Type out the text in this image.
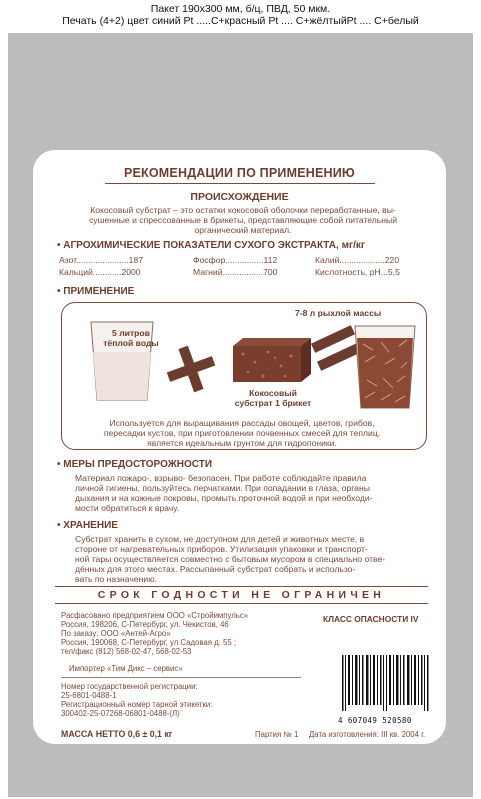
Пакет 190x300 мм, б/ц, ПВД, 50 мкм.
Печать (4+2) цвет синий Pt .....С+красный Pt .... С+жёлтыйPt .... С+белый
РЕКОМЕНДАЦИИ ПО ПРИМЕНЕНИЮ
ПРОИСХОЖДЕНИЕ
Кокосовый субстрат – это остатки кокосовой оболочки переработанные, вы-
сушенные и спрессованные в брикеты, представляющие собой питательный
органический материал.
• АГРОХИМИЧЕСКИЕ ПОКАЗАТЕЛИ СУХОГО ЭКСТРАКТА, мг/кг
Азот......................187	Фосфор................112	Калий...................220
Кальций............2000	Магний.................700	Кислотность, рН...5,5
• ПРИМЕНЕНИЕ
5 литров
тёплой воды
Кокосовый
субстрат 1 брикет
7-8 л рыхлой массы
Используется для выращивания рассады овощей, цветов, грибов,
пересадки кустов, при приготовлении почвенных смесей для теплиц,
является идеальным грунтом для гидропоники.
• МЕРЫ ПРЕДОСТОРОЖНОСТИ
Материал пожаро-, взрыво- безопасен. При работе соблюдайте правила
личной гигиены, пользуйтесь перчатками. При попадании в глаза, органы
дыхания и на кожные покровы, промыть проточной водой и при необходи-
мости обратиться к врачу.
• ХРАНЕНИЕ
Субстрат хранить в сухом, не доступном для детей и животных месте, в
стороне от нагревательных приборов. Утилизация упаковки и транспорт-
ной тары осуществляется совместно с бытовым мусором в специально отве-
дённых для этого местах. Рассыпанный субстрат собрать и использо-
вать по назначению.
СРОК ГОДНОСТИ НЕ ОГРАНИЧЕН
Расфасовано предприятием ООО «Стройимпульс»
Россия, 198206, С-Петербург, ул. Чекистов, 46
По заказу: ООО «Антей-Агро»
Россия, 190068, С-Петербург, ул Садовая д. 55 ;
тел/факс (812) 568-02-47, 568-02-53
КЛАСС ОПАСНОСТИ IV
Импортер «Тим Дикс – сервис»
Номер государственной регистрации:
25-6801-0488-1
Регистрационный номер тарной этикетки:
300402-25-07268-06801-0488-(Л)
4 607049 520580
МАССА НЕТТО 0,6 ± 0,1 кг	Партия № 1 Дата изготовления: III кв. 2004 г.
